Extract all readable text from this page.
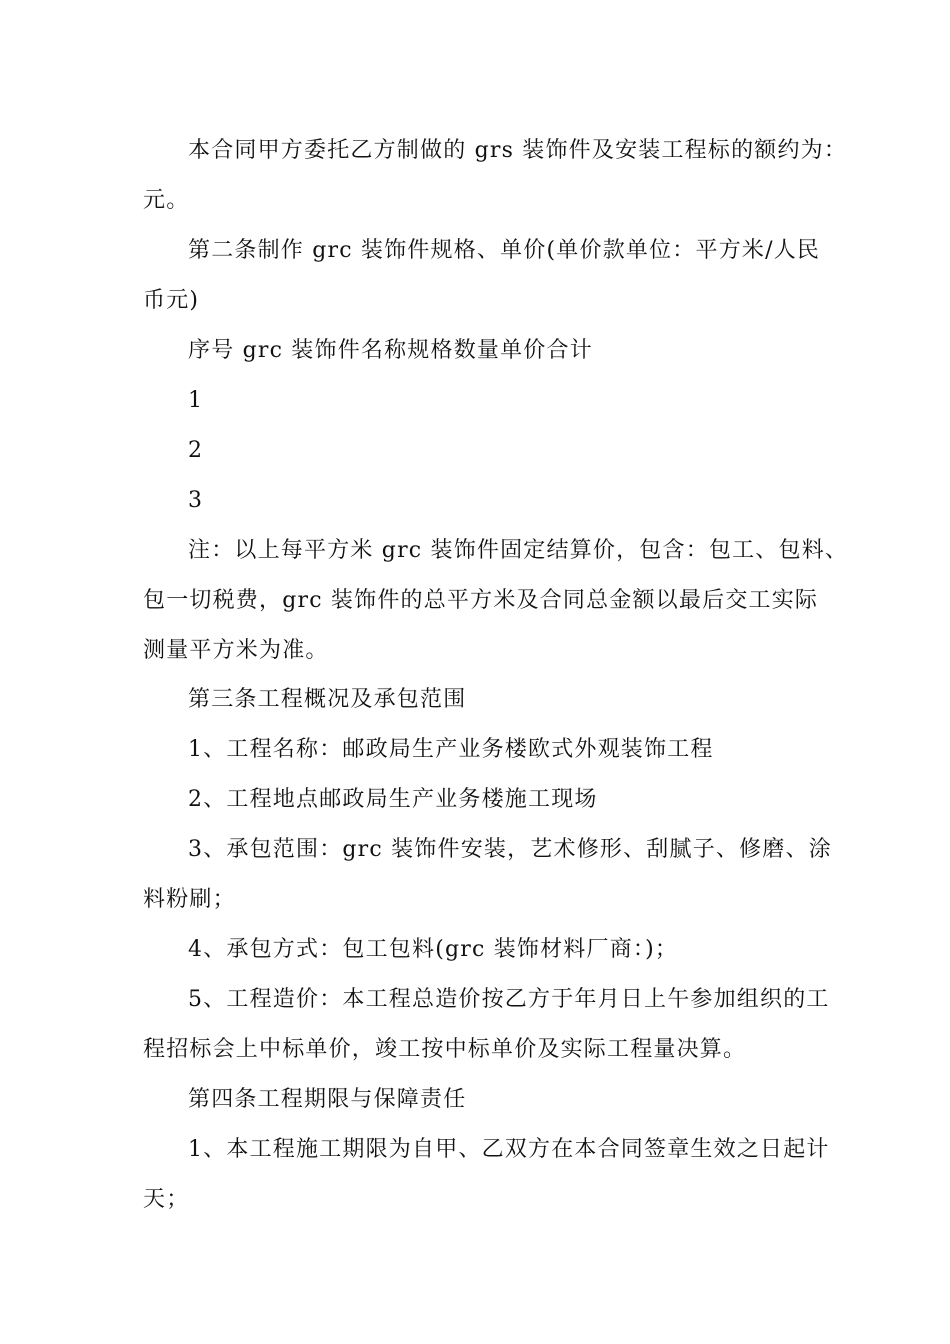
本合同甲方委托乙方制做的 grs 装饰件及安装工程标的额约为：
元。
第二条制作 grc 装饰件规格、单价(单价款单位：平方米/人民
币元)
序号 grc 装饰件名称规格数量单价合计
1
2
3
注：以上每平方米 grc 装饰件固定结算价，包含：包工、包料、
包一切税费，grc 装饰件的总平方米及合同总金额以最后交工实际
测量平方米为准。
第三条工程概况及承包范围
1、工程名称：邮政局生产业务楼欧式外观装饰工程
2、工程地点邮政局生产业务楼施工现场
3、承包范围：grc 装饰件安装，艺术修形、刮腻子、修磨、涂
料粉刷；
4、承包方式：包工包料(grc 装饰材料厂商：)；
5、工程造价：本工程总造价按乙方于年月日上午参加组织的工
程招标会上中标单价，竣工按中标单价及实际工程量决算。
第四条工程期限与保障责任
1、本工程施工期限为自甲、乙双方在本合同签章生效之日起计
天；
